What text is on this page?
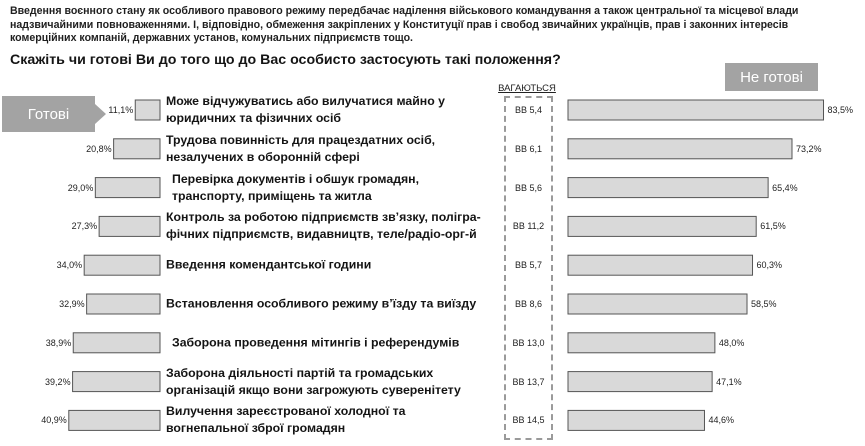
Введення воєнного стану як особливого правового режиму передбачає наділення військового командування а також центральної та місцевої влади надзвичайними повноваженнями. І, відповідно, обмеження закріплених у Конституції прав і свобод звичайних українців, прав і законних інтересів комерційних компаній, державних установ, комунальних підприємств тощо.
Скажіть чи готові Ви до того що до Вас особисто застосують такі положення?
Готові
Не готові
ВАГАЮТЬСЯ
11,1%	83,5%
ВВ 5,4
Може відчужуватись або вилучатися майно у
юридичних та фізичних осіб
20,8%	73,2%
ВВ 6,1
Трудова повинність для працездатних осіб,
незалучених в оборонній сфері
29,0%	65,4%
ВВ 5,6
Перевірка документів і обшук громадян,
транспорту, приміщень та житла
27,3%	61,5%
ВВ 11,2
Контроль за роботою підприємств зв’язку, полігра-
фічних підприємств, видавництв, теле/радіо-орг-й
34,0%	60,3%
ВВ 5,7
Введення комендантської години
32,9%	58,5%
ВВ 8,6
Встановлення особливого режиму в’їзду та виїзду
38,9%	48,0%
ВВ 13,0
Заборона проведення мітингів і референдумів
39,2%	47,1%
ВВ 13,7
Заборона діяльності партій та громадських
організацій якщо вони загрожують суверенітету
40,9%	44,6%
ВВ 14,5
Вилучення зареєстрованої холодної та
вогнепальної зброї громадян
